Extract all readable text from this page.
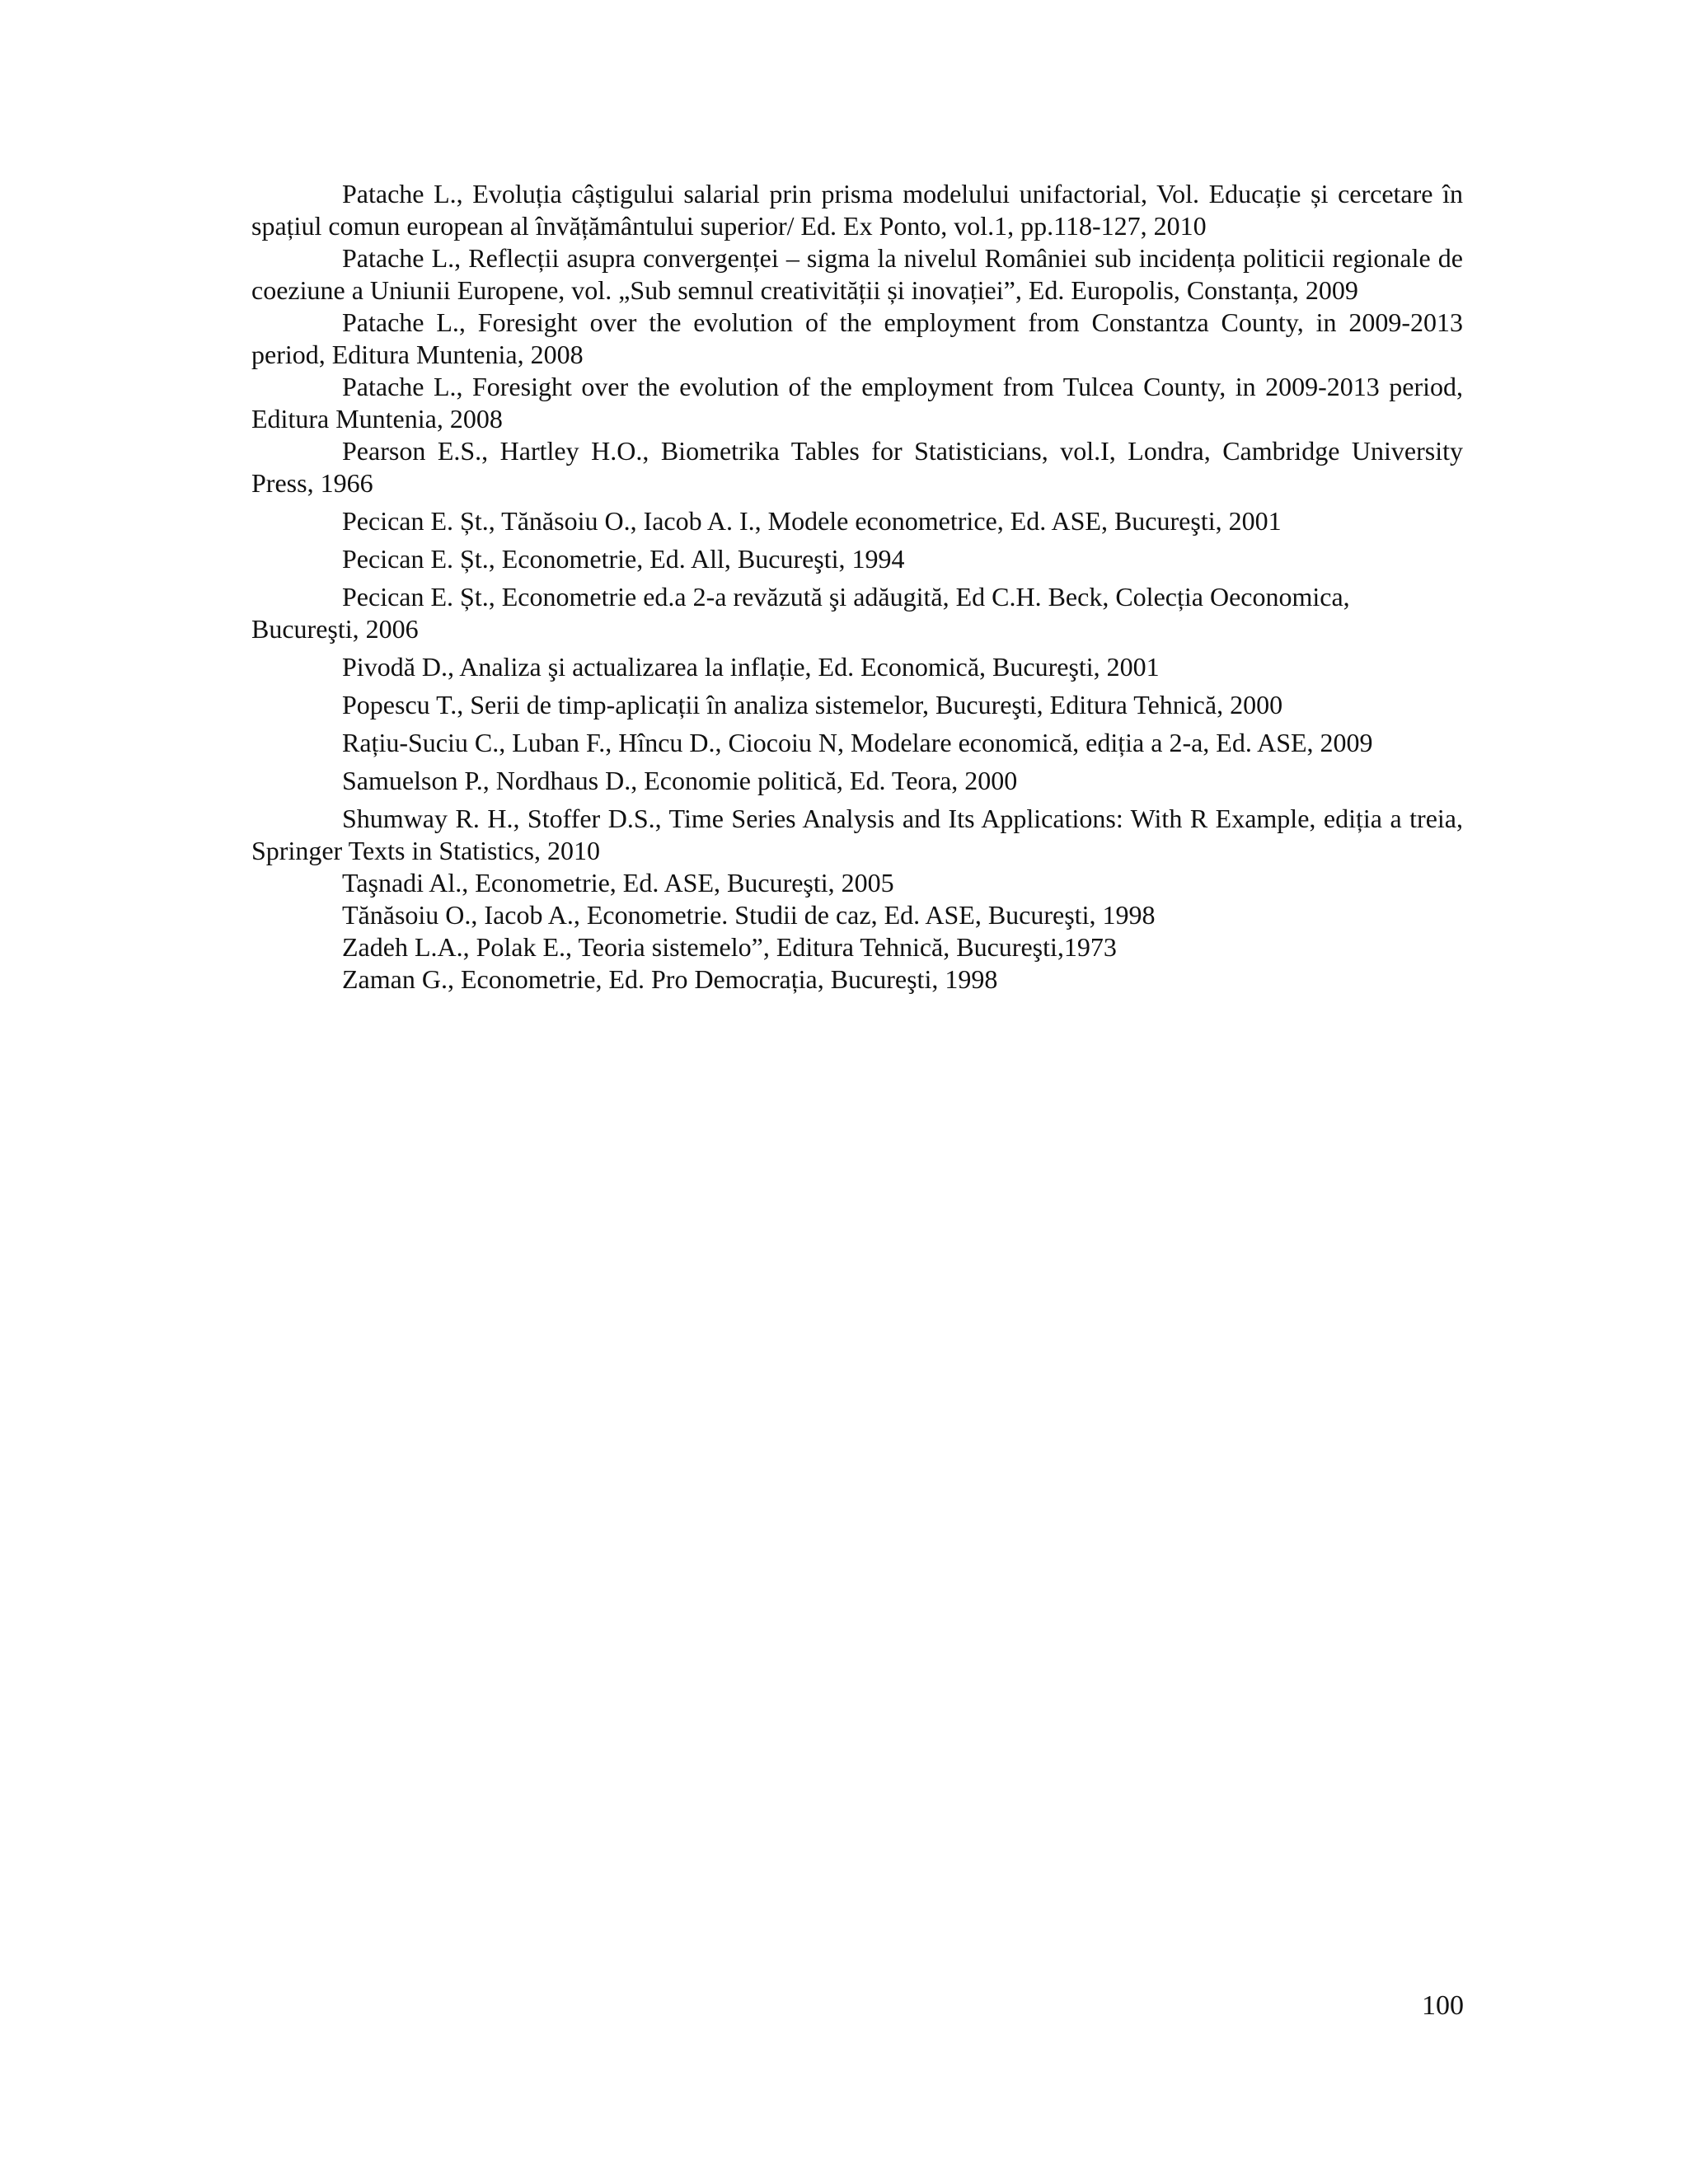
Patache L., Evoluția câștigului salarial prin prisma modelului unifactorial, Vol. Educație și cercetare în spațiul comun european al învățământului superior/ Ed. Ex Ponto, vol.1, pp.118-127, 2010

Patache L., Reflecții asupra convergenței – sigma la nivelul României sub incidența politicii regionale de coeziune a Uniunii Europene, vol. „Sub semnul creativității și inovației”, Ed. Europolis, Constanța, 2009

Patache L., Foresight over the evolution of the employment from Constantza County, in 2009-2013 period, Editura Muntenia, 2008

Patache L., Foresight over the evolution of the employment from Tulcea County, in 2009-2013 period, Editura Muntenia, 2008

Pearson E.S., Hartley H.O., Biometrika Tables for Statisticians, vol.I, Londra, Cambridge University Press, 1966

Pecican E. Șt., Tănăsoiu O., Iacob A. I., Modele econometrice, Ed. ASE, Bucureşti, 2001

Pecican E. Șt., Econometrie, Ed. All, Bucureşti, 1994

Pecican E. Șt., Econometrie ed.a 2-a revăzută şi adăugită, Ed C.H. Beck, Colecția Oeconomica, Bucureşti, 2006

Pivodă D., Analiza şi actualizarea la inflație, Ed. Economică, Bucureşti, 2001

Popescu T., Serii de timp-aplicații în analiza sistemelor, Bucureşti, Editura Tehnică, 2000

Rațiu-Suciu C., Luban F., Hîncu D., Ciocoiu N, Modelare economică, ediția a 2-a, Ed. ASE, 2009

Samuelson P., Nordhaus D., Economie politică, Ed. Teora, 2000

Shumway R. H., Stoffer D.S., Time Series Analysis and Its Applications: With R Example, ediția a treia, Springer Texts in Statistics, 2010

Taşnadi Al., Econometrie, Ed. ASE, Bucureşti, 2005

Tănăsoiu O., Iacob A., Econometrie. Studii de caz, Ed. ASE, Bucureşti, 1998

Zadeh L.A., Polak E., Teoria sistemelo”, Editura Tehnică, Bucureşti,1973

Zaman G., Econometrie, Ed. Pro Democrația, Bucureşti, 1998

100
